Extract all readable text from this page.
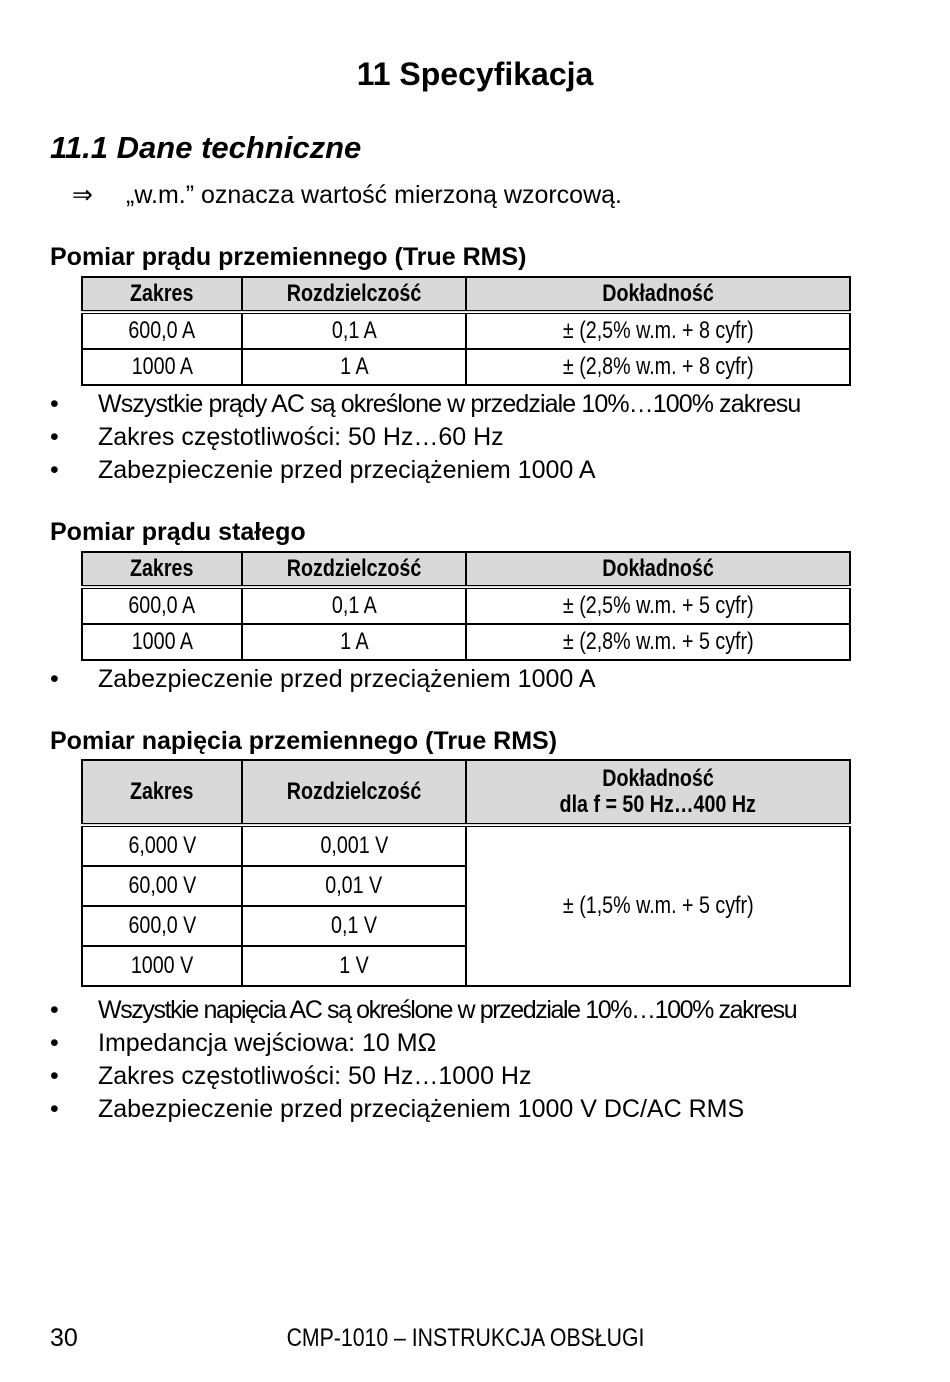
11 Specyfikacja
11.1 Dane techniczne
⇒ „w.m.” oznacza wartość mierzoną wzorcową.
Pomiar prądu przemiennego (True RMS)
Zakres	Rozdzielczość	Dokładność
600,0 A	0,1 A	± (2,5% w.m. + 8 cyfr)
1000 A	1 A	± (2,8% w.m. + 8 cyfr)
• Wszystkie prądy AC są określone w przedziale 10%…100% zakresu
• Zakres częstotliwości: 50 Hz…60 Hz
• Zabezpieczenie przed przeciążeniem 1000 A
Pomiar prądu stałego
Zakres	Rozdzielczość	Dokładność
600,0 A	0,1 A	± (2,5% w.m. + 5 cyfr)
1000 A	1 A	± (2,8% w.m. + 5 cyfr)
• Zabezpieczenie przed przeciążeniem 1000 A
Pomiar napięcia przemiennego (True RMS)
Zakres	Rozdzielczość	Dokładność
dla f = 50 Hz…400 Hz
6,000 V	0,001 V	± (1,5% w.m. + 5 cyfr)
60,00 V	0,01 V	
600,0 V	0,1 V	
1000 V	1 V	
• Wszystkie napięcia AC są określone w przedziale 10%…100% zakresu
• Impedancja wejściowa: 10 MΩ
• Zakres częstotliwości: 50 Hz…1000 Hz
• Zabezpieczenie przed przeciążeniem 1000 V DC/AC RMS
30	CMP-1010 – INSTRUKCJA OBSŁUGI
